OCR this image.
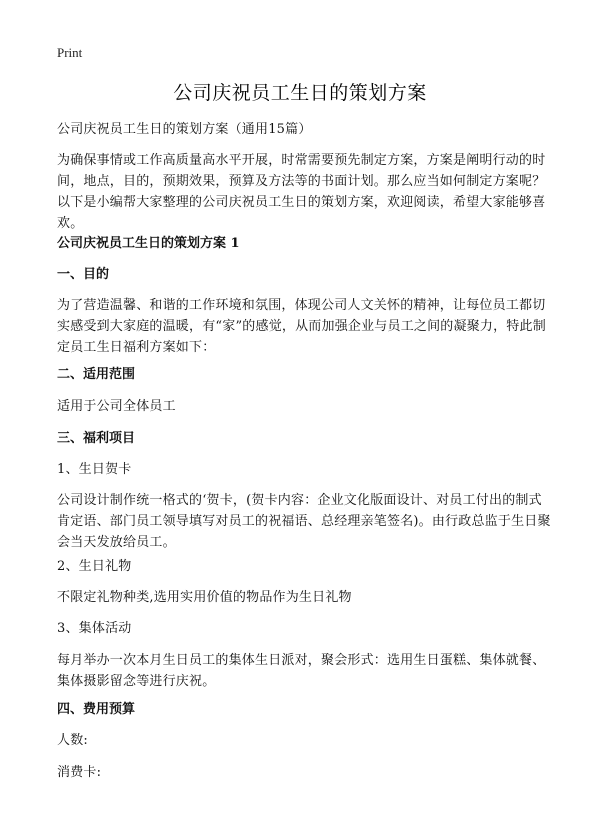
Print
公司庆祝员工生日的策划方案
公司庆祝员工生日的策划方案（通用15篇）
为确保事情或工作高质量高水平开展，时常需要预先制定方案，方案是阐明行动的时间，地点，目的，预期效果，预算及方法等的书面计划。那么应当如何制定方案呢？以下是小编帮大家整理的公司庆祝员工生日的策划方案，欢迎阅读，希望大家能够喜欢。
公司庆祝员工生日的策划方案 1
一、目的
为了营造温馨、和谐的工作环境和氛围，体现公司人文关怀的精神，让每位员工都切实感受到大家庭的温暖，有“家”的感觉，从而加强企业与员工之间的凝聚力，特此制定员工生日福利方案如下：
二、适用范围
适用于公司全体员工
三、福利项目
1、生日贺卡
公司设计制作统一格式的‘贺卡，(贺卡内容：企业文化版面设计、对员工付出的制式肯定语、部门员工领导填写对员工的祝福语、总经理亲笔签名)。由行政总监于生日聚会当天发放给员工。
2、生日礼物
不限定礼物种类,选用实用价值的物品作为生日礼物
3、集体活动
每月举办一次本月生日员工的集体生日派对，聚会形式：选用生日蛋糕、集体就餐、集体摄影留念等进行庆祝。
四、费用预算
人数:
消费卡:
